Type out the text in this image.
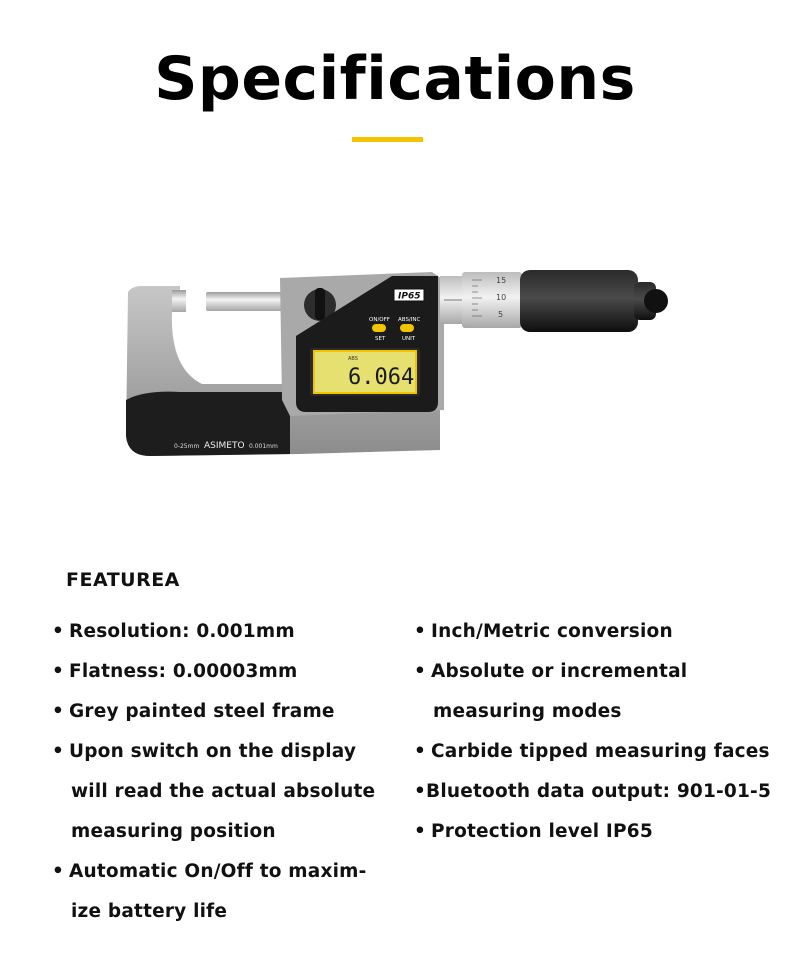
Specifications
0-25mm ASIMETO 0.001mm
IP65
ON/OFF ABS/INC
SET	UNIT
ABS
6.064
15
10
5
FEATUREA
• Resolution: 0.001mm
• Flatness: 0.00003mm
• Grey painted steel frame
• Upon switch on the display
will read the actual absolute
measuring position
• Automatic On/Off to maxim-
ize battery life
• Inch/Metric conversion
• Absolute or incremental
measuring modes
• Carbide tipped measuring faces
•Bluetooth data output: 901-01-5
• Protection level IP65
